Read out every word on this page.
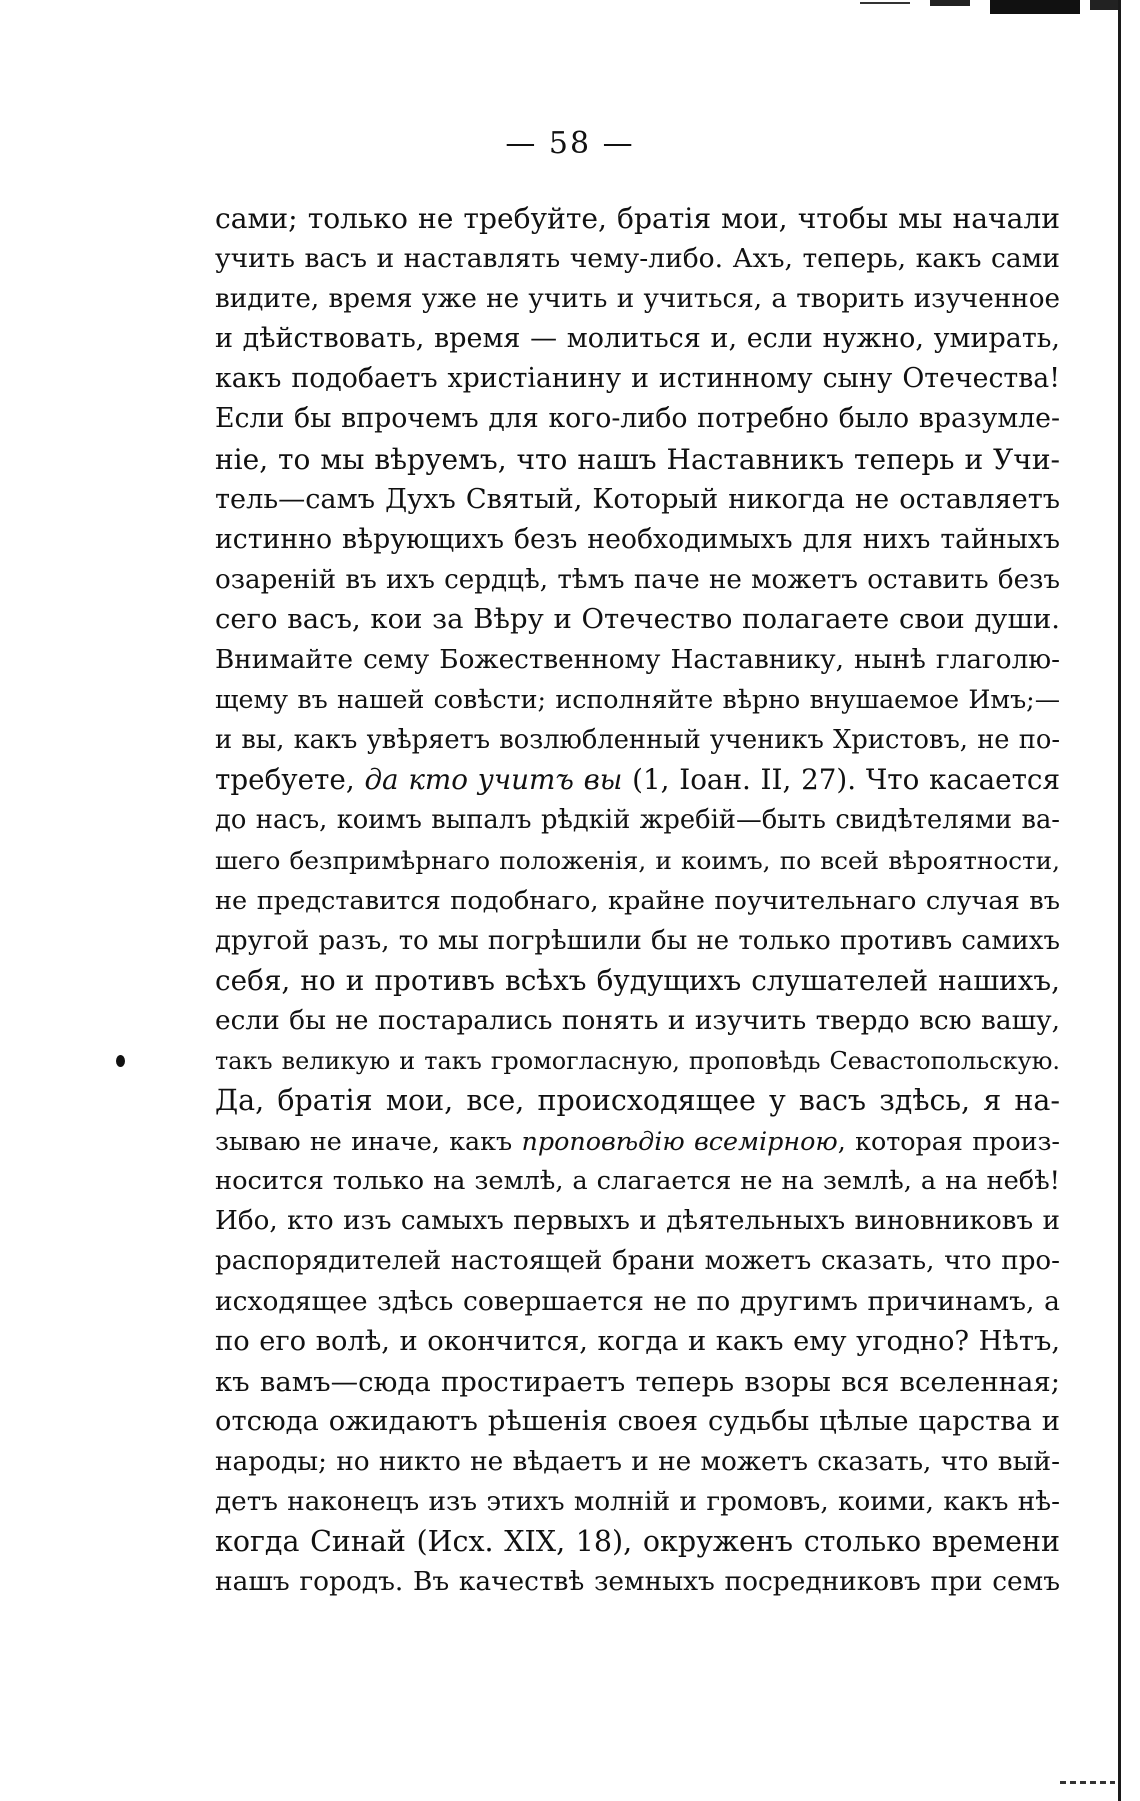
— 58 —
сами; только не требуйте, братія мои, чтобы мы начали
учить васъ и наставлять чему-либо. Ахъ, теперь, какъ сами
видите, время уже не учить и учиться, а творить изученное
и дѣйствовать, время — молиться и, если нужно, умирать,
какъ подобаетъ христіанину и истинному сыну Отечества!
Если бы впрочемъ для кого-либо потребно было вразумле-
ніе, то мы вѣруемъ, что нашъ Наставникъ теперь и Учи-
тель—самъ Духъ Святый, Который никогда не оставляетъ
истинно вѣрующихъ безъ необходимыхъ для нихъ тайныхъ
озареній въ ихъ сердцѣ, тѣмъ паче не можетъ оставить безъ
сего васъ, кои за Вѣру и Отечество полагаете свои души.
Внимайте сему Божественному Наставнику, нынѣ глаголю-
щему въ нашей совѣсти; исполняйте вѣрно внушаемое Имъ;—
и вы, какъ увѣряетъ возлюбленный ученикъ Христовъ, не по-
требуете, да кто учитъ вы (1, Іоан. II, 27). Что касается
до насъ, коимъ выпалъ рѣдкій жребій—быть свидѣтелями ва-
шего безпримѣрнаго положенія, и коимъ, по всей вѣроятности,
не представится подобнаго, крайне поучительнаго случая въ
другой разъ, то мы погрѣшили бы не только противъ самихъ
себя, но и противъ всѣхъ будущихъ слушателей нашихъ,
если бы не постарались понять и изучить твердо всю вашу,
такъ великую и такъ громогласную, проповѣдь Севастопольскую.
Да, братія мои, все, происходящее у васъ здѣсь, я на-
зываю не иначе, какъ проповѣдію всемірною, которая произ-
носится только на землѣ, а слагается не на землѣ, а на небѣ!
Ибо, кто изъ самыхъ первыхъ и дѣятельныхъ виновниковъ и
распорядителей настоящей брани можетъ сказать, что про-
исходящее здѣсь совершается не по другимъ причинамъ, а
по его волѣ, и окончится, когда и какъ ему угодно? Нѣтъ,
къ вамъ—сюда простираетъ теперь взоры вся вселенная;
отсюда ожидаютъ рѣшенія своея судьбы цѣлые царства и
народы; но никто не вѣдаетъ и не можетъ сказать, что вый-
детъ наконецъ изъ этихъ молній и громовъ, коими, какъ нѣ-
когда Синай (Исх. XIX, 18), окруженъ столько времени
нашъ городъ. Въ качествѣ земныхъ посредниковъ при семъ
